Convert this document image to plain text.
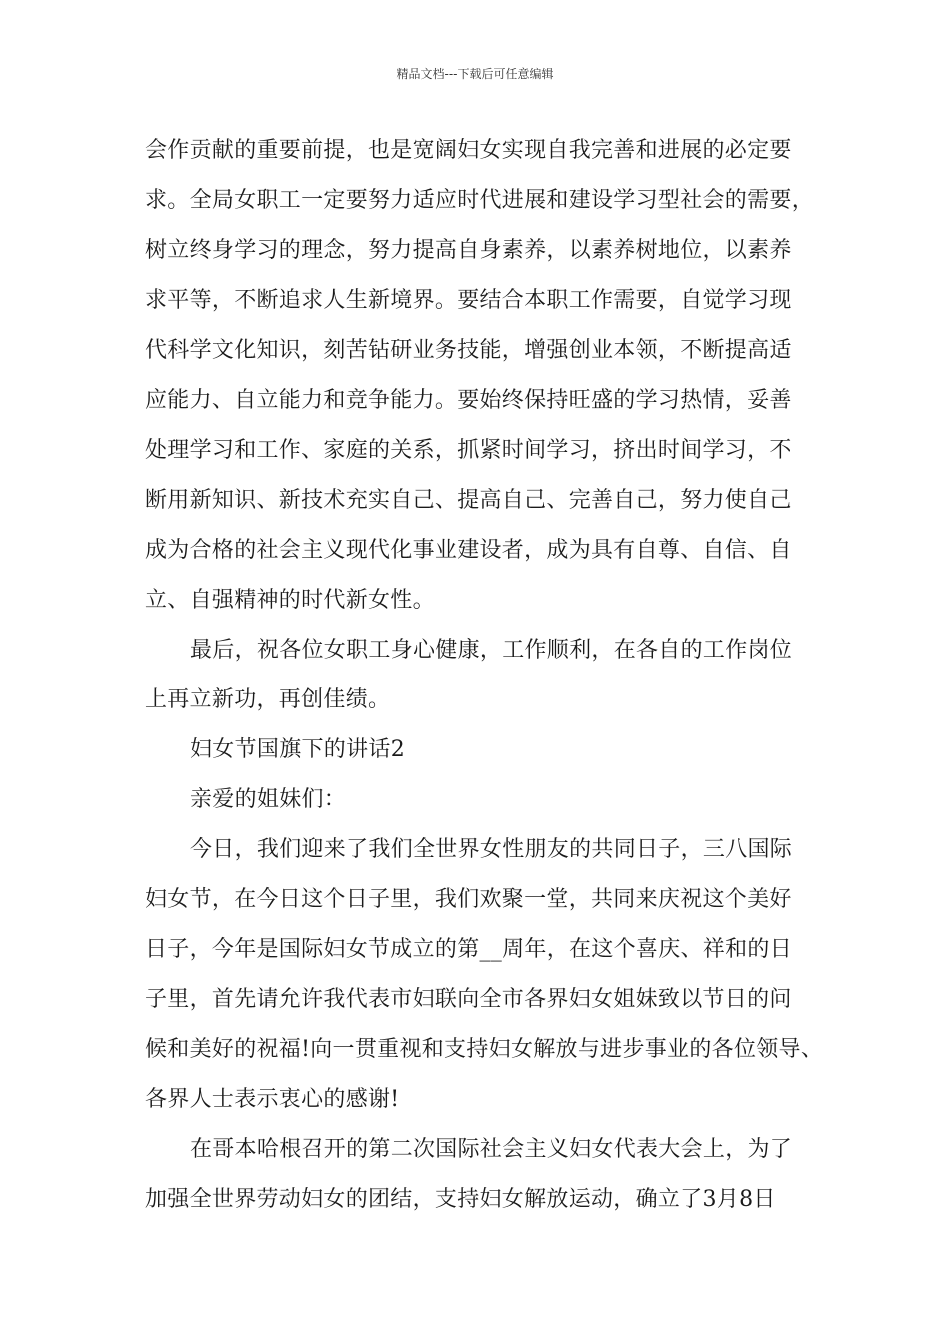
精品文档---下载后可任意编辑
会作贡献的重要前提，也是宽阔妇女实现自我完善和进展的必定要
求。全局女职工一定要努力适应时代进展和建设学习型社会的需要，
树立终身学习的理念，努力提高自身素养，以素养树地位，以素养
求平等，不断追求人生新境界。要结合本职工作需要，自觉学习现
代科学文化知识，刻苦钻研业务技能，增强创业本领，不断提高适
应能力、自立能力和竞争能力。要始终保持旺盛的学习热情，妥善
处理学习和工作、家庭的关系，抓紧时间学习，挤出时间学习，不
断用新知识、新技术充实自己、提高自己、完善自己，努力使自己
成为合格的社会主义现代化事业建设者，成为具有自尊、自信、自
立、自强精神的时代新女性。
最后，祝各位女职工身心健康，工作顺利，在各自的工作岗位
上再立新功，再创佳绩。
妇女节国旗下的讲话2
亲爱的姐妹们：
今日，我们迎来了我们全世界女性朋友的共同日子，三八国际
妇女节，在今日这个日子里，我们欢聚一堂，共同来庆祝这个美好
日子，今年是国际妇女节成立的第__周年，在这个喜庆、祥和的日
子里，首先请允许我代表市妇联向全市各界妇女姐妹致以节日的问
候和美好的祝福!向一贯重视和支持妇女解放与进步事业的各位领导、
各界人士表示衷心的感谢!
在哥本哈根召开的第二次国际社会主义妇女代表大会上，为了
加强全世界劳动妇女的团结，支持妇女解放运动，确立了3月8日
